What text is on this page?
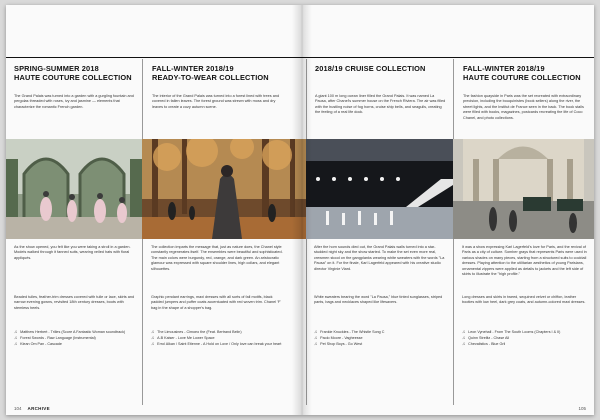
SPRING-SUMMER 2018
HAUTE COUTURE COLLECTION
The Grand Palais was turned into a garden with a gurgling fountain and pergolas threaded with roses, ivy and jasmine — elements that characterize the romantic French garden.
FALL-WINTER 2018/19
READY-TO-WEAR COLLECTION
The interior of the Grand Palais was turned into a forest lined with trees and covered in fallen leaves. The forest ground was strewn with moss and dry leaves to create a cozy autumn scene.
2018/19 CRUISE COLLECTION
A giant 100 m long ocean liner filled the Grand Palais. It was named La Pausa, after Chanel's summer house on the French Riviera. The air was filled with the hustling noise of fog horns, cruise ship bells, and seagulls, creating the feeling of a real life dock.
FALL-WINTER 2018/19
HAUTE COUTURE COLLECTION
The fashion quayside in Paris was the set recreated with extraordinary precision, including the bouquinistes (book sellers) along the river, the street lights, and the Institut de France seen in the back. The book stalls were filled with books, magazines, postcards recreating the life of Coco Chanel, and photo collections.
As the show opened, you felt like you were taking a stroll in a garden. Models walked through it fanned suits, wearing veiled hats with floral appliqués.
Beaded tulles, feather-trim dresses covered with tulle or lace, skirts and narrow evening gowns, revisited 18th century dresses, boots with stemless heels.
♫ Matthew Herbert - Trilles (Score A Fantastic Woman soundtrack)
♫ Forest Swords - Raw Language (Instrumental)
♫ Klean Om Pan - Cascade
The collection imparts the message that, just as nature does, the Chanel style constantly regenerates itself. The ensembles were beautiful and sophisticated. The main colors were burgundy, red, orange, and dark green. An aristocratic glamour was expressed with square shoulder lines, high collars, and elegant silhouettes.
Graphic pendant earrings, maxi dresses with all sorts of fall motifs, black padded jumpers and puffer coats accentuated with red woven trim. Chanel 'F' bag in the shape of a shopper's bag.
♫ The Limousines - Cimoeo the (Feat. Bertrand Belin)
♫ A.B Kaiser - Love Me Lower Space
♫ Errol Alkan / Saint Etienne - A Hold on Love / Only love can break your heart
After the horn sounds died out, the Grand Palais walls turned into a star-studded night sky and the show started. To make the set even more real, crewmen stood on the gangplanks wearing white sweaters with the words "La Pausa" on it. For the finale, Karl Lagerfeld appeared with his creative studio director Virginie Viard.
White sweaters bearing the word "La Pausa," blue tinted sunglasses, striped pants, bags and necklaces shaped like lifesavers.
♫ Frankie Knuckles - The Whistle Song C
♫ Paolo Moore - Vagheesse
♫ Pet Shop Boys - Go West
It was a show expressing Karl Lagerfeld's love for Paris, and the revival of Paris as a city of culture. Somber grays that represents Paris were used in various shades on many pieces, starting from a structured suits to cocktail dresses. Playing attention to the utilitarian aesthetics of young Parisians, ornamental zippers were applied as details to jackets and the left side of skirts to illustrate the "high profile."
Long dresses and skirts in tweed, sequined velvet or chiffon, leather booties with low heel, dark grey coats, and autumn-colored maxi dresses.
♫ Leon Vynehall - From The South Looms (Chapters I & II)
♫ Quinn Strelitz - Chase All
♫ Chevalistics - Blue Gril
104 ARCHIVE	105
